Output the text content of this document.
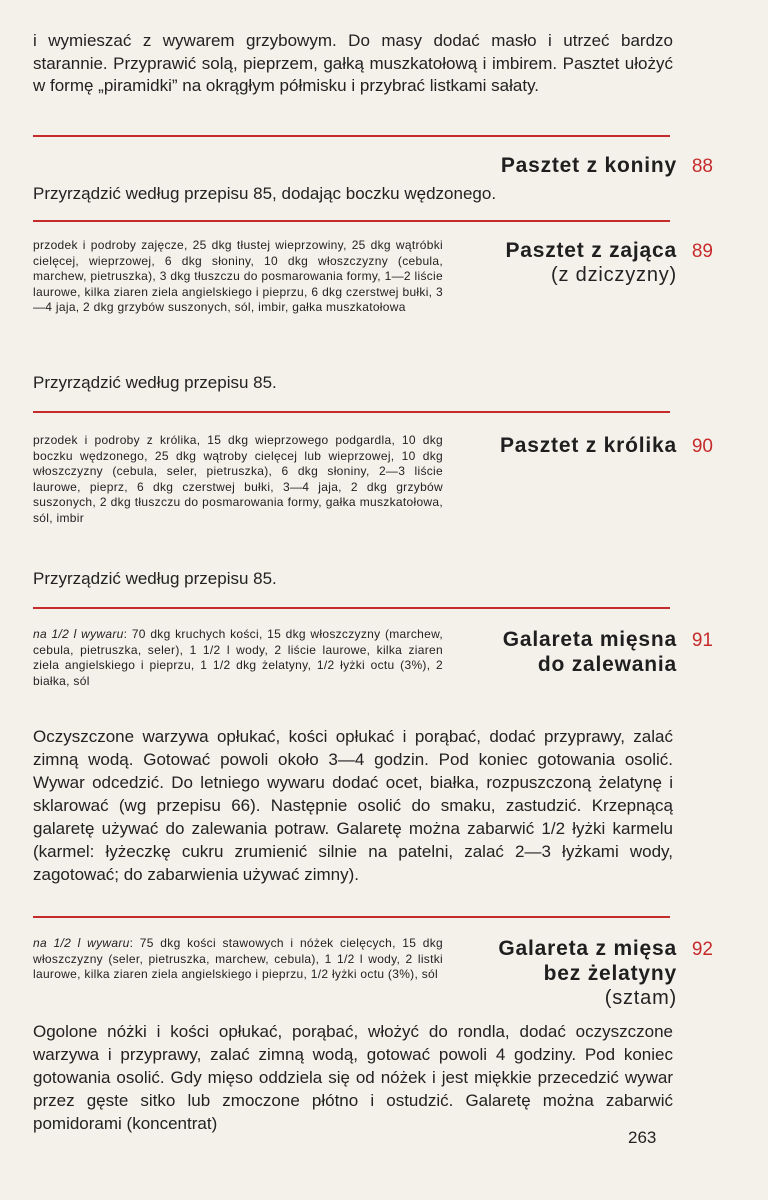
i wymieszać z wywarem grzybowym. Do masy dodać masło i utrzeć bardzo starannie. Przyprawić solą, pieprzem, gałką muszkatołową i imbirem. Pasztet ułożyć w formę „piramidki” na okrągłym półmisku i przybrać listkami sałaty.
Pasztet z koniny 88
Przyrządzić według przepisu 85, dodając boczku wędzonego.
Pasztet z zająca 89
(z dziczyzny)
przodek i podroby zajęcze, 25 dkg tłustej wieprzowiny, 25 dkg wątróbki cielęcej, wieprzowej, 6 dkg słoniny, 10 dkg włoszczyzny (cebula, marchew, pietruszka), 3 dkg tłuszczu do posmarowania formy, 1—2 liście laurowe, kilka ziaren ziela angielskiego i pieprzu, 6 dkg czerstwej bułki, 3—4 jaja, 2 dkg grzybów suszonych, sól, imbir, gałka muszkatołowa
Przyrządzić według przepisu 85.
Pasztet z królika 90
przodek i podroby z królika, 15 dkg wieprzowego podgardla, 10 dkg boczku wędzonego, 25 dkg wątroby cielęcej lub wieprzowej, 10 dkg włoszczyzny (cebula, seler, pietruszka), 6 dkg słoniny, 2—3 liście laurowe, pieprz, 6 dkg czerstwej bułki, 3—4 jaja, 2 dkg grzybów suszonych, 2 dkg tłuszczu do posmarowania formy, gałka muszkatołowa, sól, imbir
Przyrządzić według przepisu 85.
Galareta mięsna 91
do zalewania
na 1/2 l wywaru: 70 dkg kruchych kości, 15 dkg włoszczyzny (marchew, cebula, pietruszka, seler), 1 1/2 l wody, 2 liście laurowe, kilka ziaren ziela angielskiego i pieprzu, 1 1/2 dkg żelatyny, 1/2 łyżki octu (3%), 2 białka, sól
Oczyszczone warzywa opłukać, kości opłukać i porąbać, dodać przyprawy, zalać zimną wodą. Gotować powoli około 3—4 godzin. Pod koniec gotowania osolić. Wywar odcedzić. Do letniego wywaru dodać ocet, białka, rozpuszczoną żelatynę i sklarować (wg przepisu 66). Następnie osolić do smaku, zastudzić. Krzepnącą galaretę używać do zalewania potraw. Galaretę można zabarwić 1/2 łyżki karmelu (karmel: łyżeczkę cukru zrumienić silnie na patelni, zalać 2—3 łyżkami wody, zagotować; do zabarwienia używać zimny).
Galareta z mięsa 92
bez żelatyny
(sztam)
na 1/2 l wywaru: 75 dkg kości stawowych i nóżek cielęcych, 15 dkg włoszczyzny (seler, pietruszka, marchew, cebula), 1 1/2 l wody, 2 listki laurowe, kilka ziaren ziela angielskiego i pieprzu, 1/2 łyżki octu (3%), sól
Ogolone nóżki i kości opłukać, porąbać, włożyć do rondla, dodać oczyszczone warzywa i przyprawy, zalać zimną wodą, gotować powoli 4 godziny. Pod koniec gotowania osolić. Gdy mięso oddziela się od nóżek i jest miękkie przecedzić wywar przez gęste sitko lub zmoczone płótno i ostudzić. Galaretę można zabarwić pomidorami (koncentrat)
263
